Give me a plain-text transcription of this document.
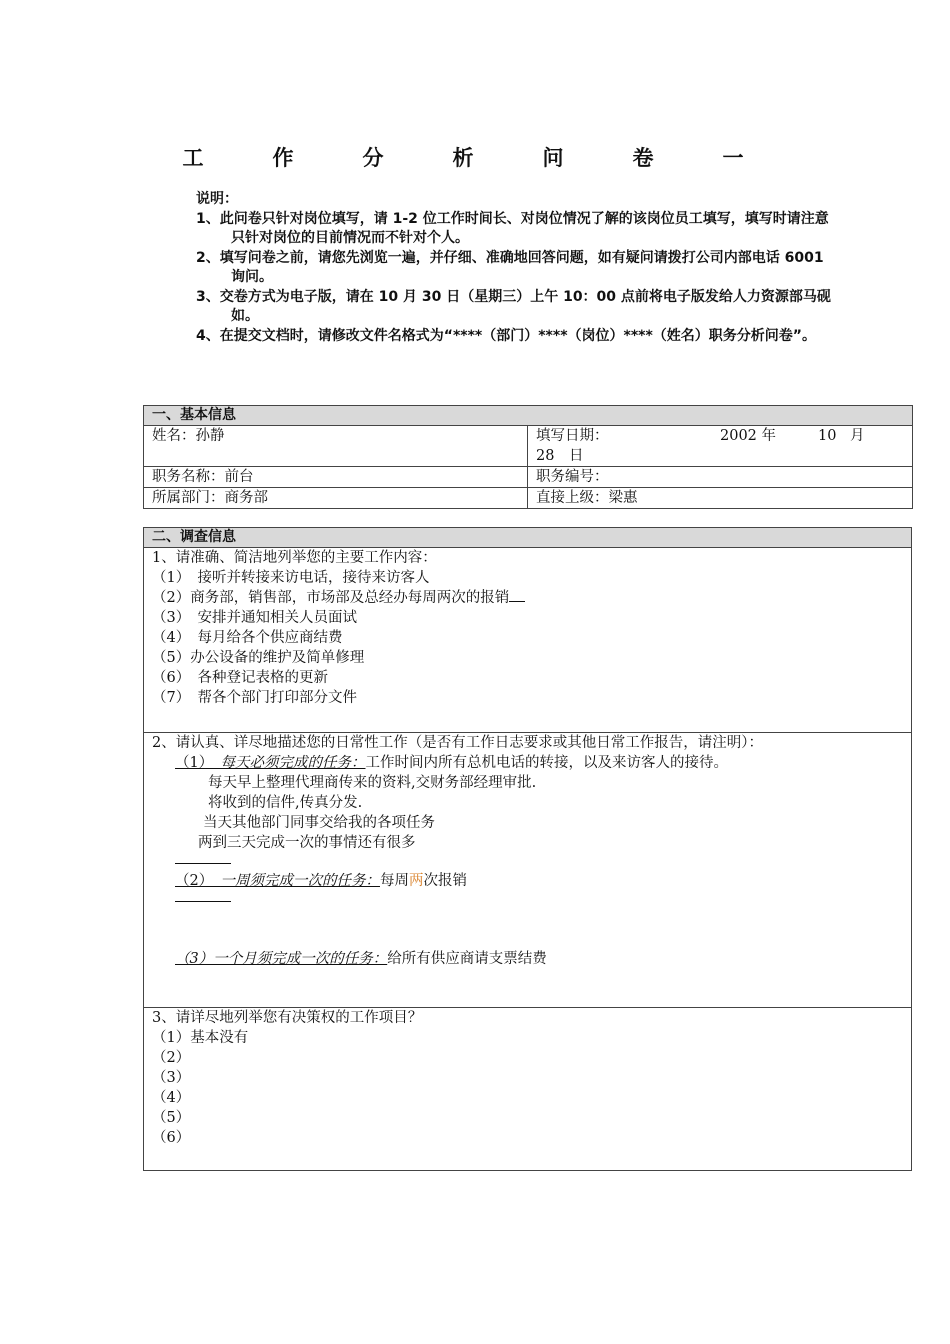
工　作　分　析　问　卷　一
说明：
1、此问卷只针对岗位填写，请 1-2 位工作时间长、对岗位情况了解的该岗位员工填写，填写时请注意只针对岗位的目前情况而不针对个人。
2、填写问卷之前，请您先浏览一遍，并仔细、准确地回答问题，如有疑问请拨打公司内部电话 6001 询问。
3、交卷方式为电子版，请在 10 月 30 日（星期三）上午 10：00 点前将电子版发给人力资源部马砚如。
4、在提交文档时，请修改文件名格式为“****（部门）****（岗位）****（姓名）职务分析问卷”。
一、基本信息	
姓名：孙静	填写日期： 2002 年 10 月
28　日

职务名称：前台	职务编号：
所属部门：商务部	直接上级：梁惠
二、调查信息

1、请准确、简洁地列举您的主要工作内容：
（1）　接听并转接来访电话，接待来访客人
（2）商务部，销售部，市场部及总经办每周两次的报销
（3）　安排并通知相关人员面试
（4）　每月给各个供应商结费
（5）办公设备的维护及简单修理
（6）　各种登记表格的更新
（7）　帮各个部门打印部分文件

2、请认真、详尽地描述您的日常性工作（是否有工作日志要求或其他日常工作报告，请注明）：
（1）　 每天必须完成的任务：工作时间内所有总机电话的转接，以及来访客人的接待。
每天早上整理代理商传来的资料,交财务部经理审批.
将收到的信件,传真分发.
当天其他部门同事交给我的各项任务
两到三天完成一次的事情还有很多
（2）　 一周须完成一次的任务：每周两次报销
（3）一个月须完成一次的任务：给所有供应商请支票结费

3、请详尽地列举您有决策权的工作项目？
（1）基本没有
（2）
（3）
（4）
（5）
（6）
